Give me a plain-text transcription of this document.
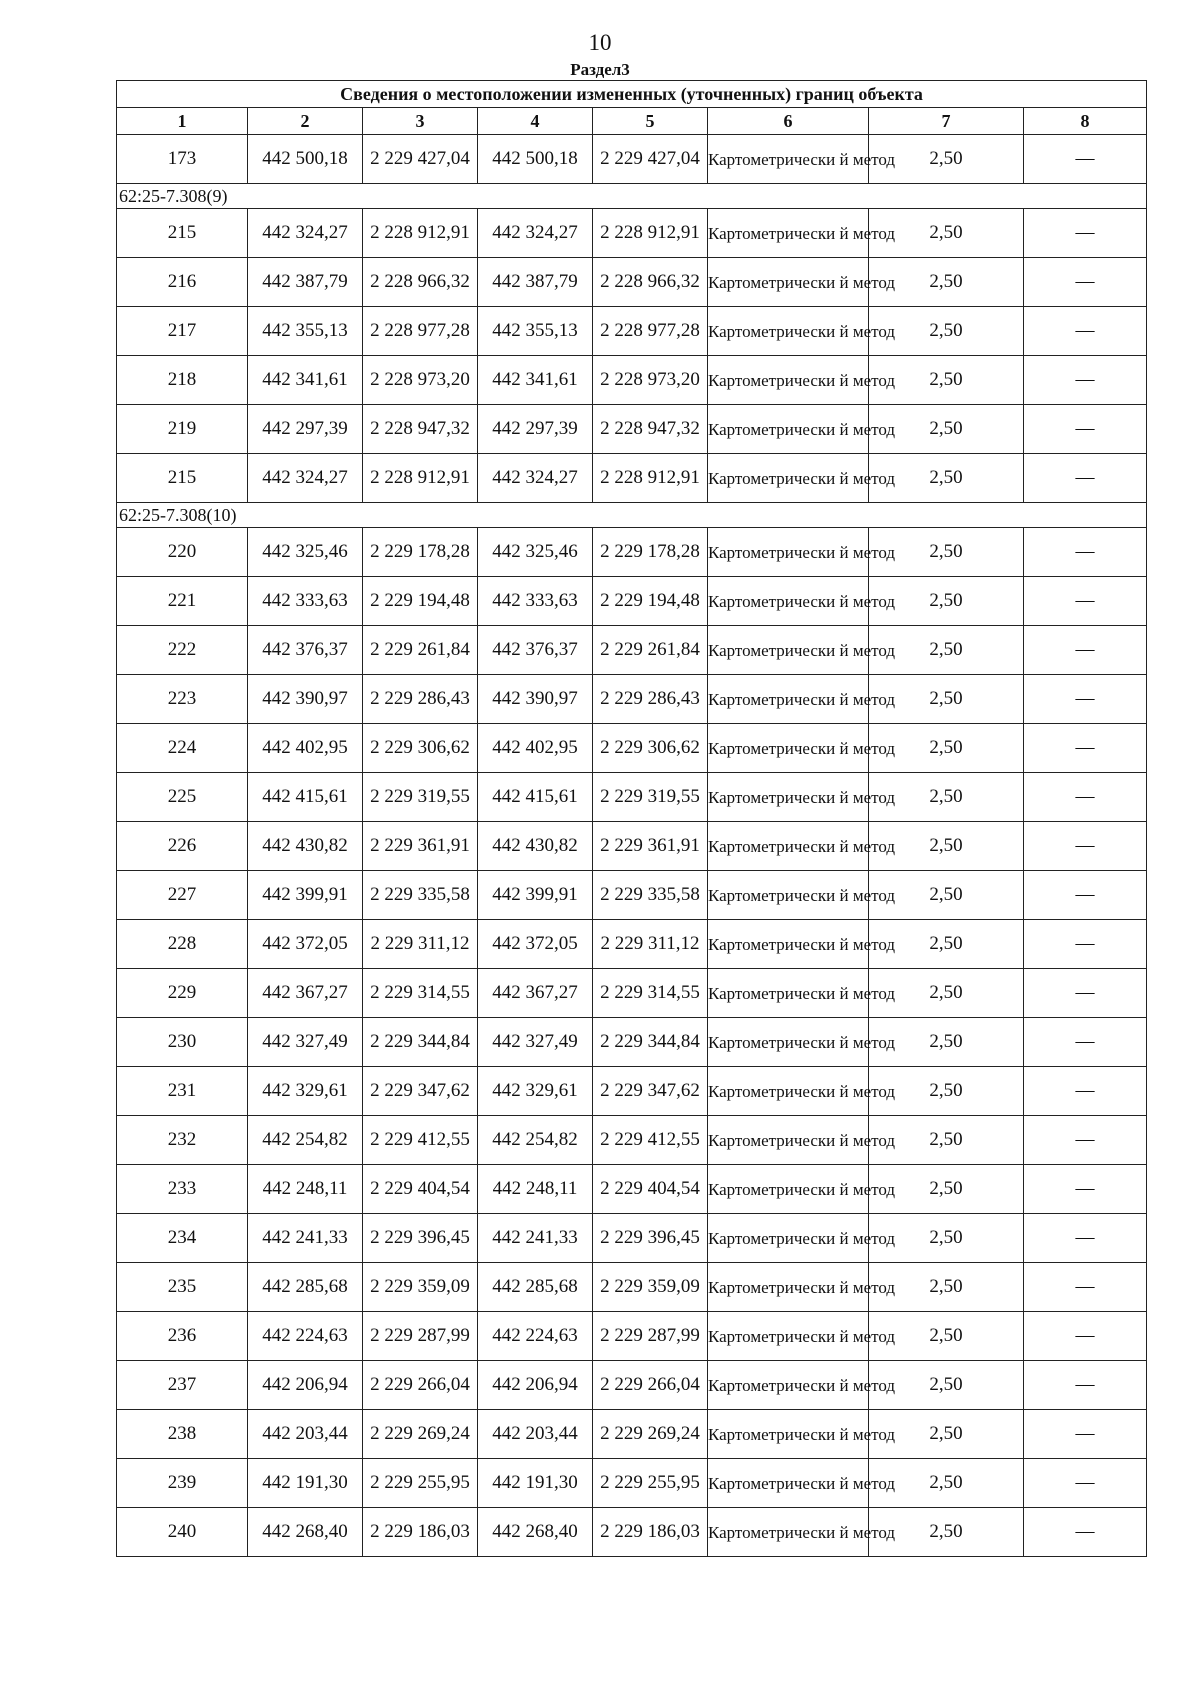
10
Раздел3
Сведения о местоположении измененных (уточненных) границ объекта							
1	2	3	4	5	6	7	8
173	442 500,18	2 229 427,04	442 500,18	2 229 427,04	Картометрически й метод	2,50	—
62:25-7.308(9)							
215	442 324,27	2 228 912,91	442 324,27	2 228 912,91	Картометрически й метод	2,50	—
216	442 387,79	2 228 966,32	442 387,79	2 228 966,32	Картометрически й метод	2,50	—
217	442 355,13	2 228 977,28	442 355,13	2 228 977,28	Картометрически й метод	2,50	—
218	442 341,61	2 228 973,20	442 341,61	2 228 973,20	Картометрически й метод	2,50	—
219	442 297,39	2 228 947,32	442 297,39	2 228 947,32	Картометрически й метод	2,50	—
215	442 324,27	2 228 912,91	442 324,27	2 228 912,91	Картометрически й метод	2,50	—
62:25-7.308(10)							
220	442 325,46	2 229 178,28	442 325,46	2 229 178,28	Картометрически й метод	2,50	—
221	442 333,63	2 229 194,48	442 333,63	2 229 194,48	Картометрически й метод	2,50	—
222	442 376,37	2 229 261,84	442 376,37	2 229 261,84	Картометрически й метод	2,50	—
223	442 390,97	2 229 286,43	442 390,97	2 229 286,43	Картометрически й метод	2,50	—
224	442 402,95	2 229 306,62	442 402,95	2 229 306,62	Картометрически й метод	2,50	—
225	442 415,61	2 229 319,55	442 415,61	2 229 319,55	Картометрически й метод	2,50	—
226	442 430,82	2 229 361,91	442 430,82	2 229 361,91	Картометрически й метод	2,50	—
227	442 399,91	2 229 335,58	442 399,91	2 229 335,58	Картометрически й метод	2,50	—
228	442 372,05	2 229 311,12	442 372,05	2 229 311,12	Картометрически й метод	2,50	—
229	442 367,27	2 229 314,55	442 367,27	2 229 314,55	Картометрически й метод	2,50	—
230	442 327,49	2 229 344,84	442 327,49	2 229 344,84	Картометрически й метод	2,50	—
231	442 329,61	2 229 347,62	442 329,61	2 229 347,62	Картометрически й метод	2,50	—
232	442 254,82	2 229 412,55	442 254,82	2 229 412,55	Картометрически й метод	2,50	—
233	442 248,11	2 229 404,54	442 248,11	2 229 404,54	Картометрически й метод	2,50	—
234	442 241,33	2 229 396,45	442 241,33	2 229 396,45	Картометрически й метод	2,50	—
235	442 285,68	2 229 359,09	442 285,68	2 229 359,09	Картометрически й метод	2,50	—
236	442 224,63	2 229 287,99	442 224,63	2 229 287,99	Картометрически й метод	2,50	—
237	442 206,94	2 229 266,04	442 206,94	2 229 266,04	Картометрически й метод	2,50	—
238	442 203,44	2 229 269,24	442 203,44	2 229 269,24	Картометрически й метод	2,50	—
239	442 191,30	2 229 255,95	442 191,30	2 229 255,95	Картометрически й метод	2,50	—
240	442 268,40	2 229 186,03	442 268,40	2 229 186,03	Картометрически й метод	2,50	—
